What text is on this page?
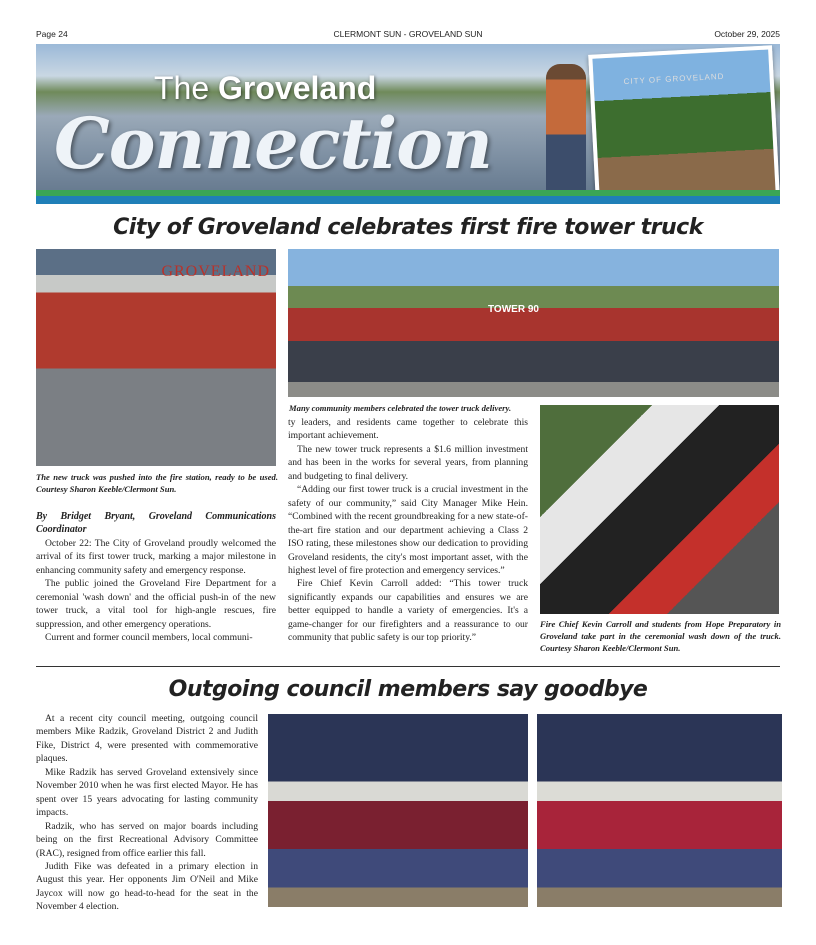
Page 24	CLERMONT SUN - GROVELAND SUN	October 29, 2025
The Groveland
Connection
CITY OF GROVELAND
City of Groveland celebrates first fire tower truck
GROVELAND
TOWER 90
The new truck was pushed into the fire station, ready to be used. Courtesy Sharon Keeble/Clermont Sun.
Many community members celebrated the tower truck delivery.
Fire Chief Kevin Carroll and students from Hope Preparatory in Groveland take part in the ceremonial wash down of the truck. Courtesy Sharon Keeble/Clermont Sun.

By Bridget Bryant, Groveland Communications Coordinator

October 22: The City of Groveland proudly welcomed the arrival of its first tower truck, marking a major milestone in enhancing community safety and emergency response.

The public joined the Groveland Fire Department for a ceremonial 'wash down' and the official push-in of the new tower truck, a vital tool for high-angle rescues, fire suppression, and other emergency operations.

Current and former council members, local communi-

ty leaders, and residents came together to celebrate this important achievement.

The new tower truck represents a $1.6 million investment and has been in the works for several years, from planning and budgeting to final delivery.

“Adding our first tower truck is a crucial investment in the safety of our community,” said City Manager Mike Hein. “Combined with the recent groundbreaking for a new state-of-the-art fire station and our department achieving a Class 2 ISO rating, these milestones show our dedication to providing Groveland residents, the city's most important asset, with the highest level of fire protection and emergency services.”

Fire Chief Kevin Carroll added: “This tower truck significantly expands our capabilities and ensures we are better equipped to handle a variety of emergencies. It's a game-changer for our firefighters and a reassurance to our community that public safety is our top priority.”

Outgoing council members say goodbye

At a recent city council meeting, outgoing council members Mike Radzik, Groveland District 2 and Judith Fike, District 4, were presented with commemorative plaques.

Mike Radzik has served Groveland extensively since November 2010 when he was first elected Mayor. He has spent over 15 years advocating for lasting community impacts.

Radzik, who has served on major boards including being on the first Recreational Advisory Committee (RAC), resigned from office earlier this fall.

Judith Fike was defeated in a primary election in August this year. Her opponents Jim O'Neil and Mike Jaycox will now go head-to-head for the seat in the November 4 election.
